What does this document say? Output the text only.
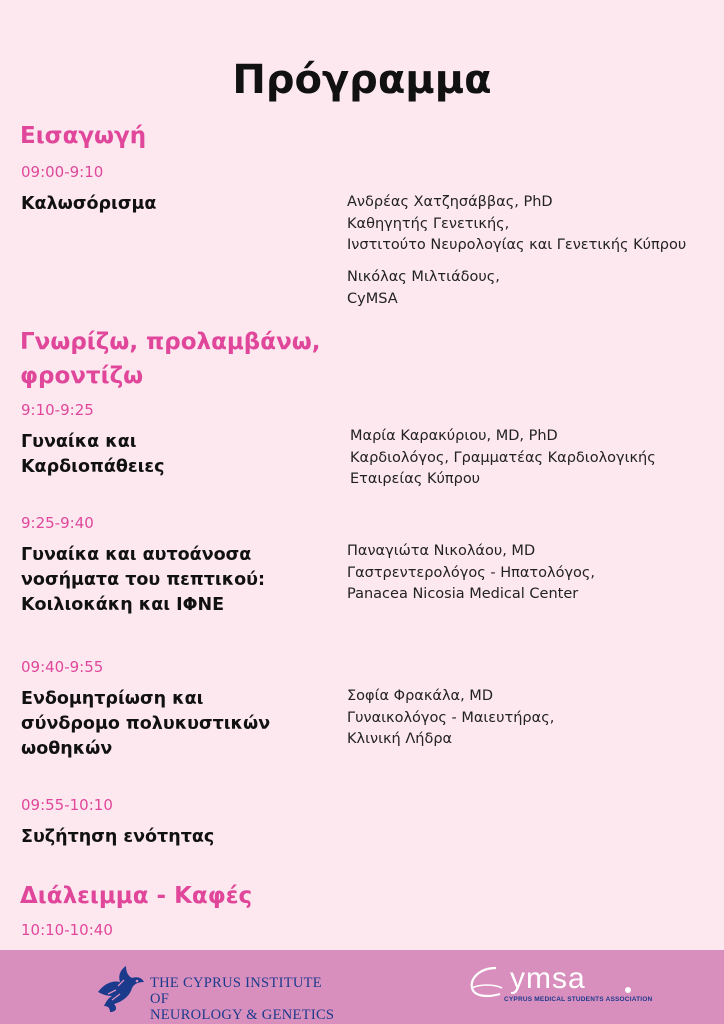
Πρόγραμμα
Εισαγωγή
09:00-9:10
Καλωσόρισμα	Ανδρέας Χατζησάββας, PhD
Καθηγητής Γενετικής,
Ινστιτούτο Νευρολογίας και Γενετικής Κύπρου
Νικόλας Μιλτιάδους,
CyMSA
Γνωρίζω, προλαμβάνω,
φροντίζω
9:10-9:25
Γυναίκα και
Καρδιοπάθειες
Μαρία Καρακύριου, MD, PhD
Καρδιολόγος, Γραμματέας Καρδιολογικής
Εταιρείας Κύπρου
9:25-9:40
Γυναίκα και αυτοάνοσα
νοσήματα του πεπτικού:
Κοιλιοκάκη και ΙΦΝΕ
Παναγιώτα Νικολάου, MD
Γαστρεντερολόγος - Ηπατολόγος,
Panacea Nicosia Medical Center
09:40-9:55
Ενδομητρίωση και
σύνδρομο πολυκυστικών
ωοθηκών
Σοφία Φρακάλα, MD
Γυναικολόγος - Μαιευτήρας,
Κλινική Λήδρα
09:55-10:10
Συζήτηση ενότητας
Διάλειμμα - Καφές
10:10-10:40
THE CYPRUS INSTITUTE OF
NEUROLOGY & GENETICS
ymsa
CYPRUS MEDICAL STUDENTS ASSOCIATION
